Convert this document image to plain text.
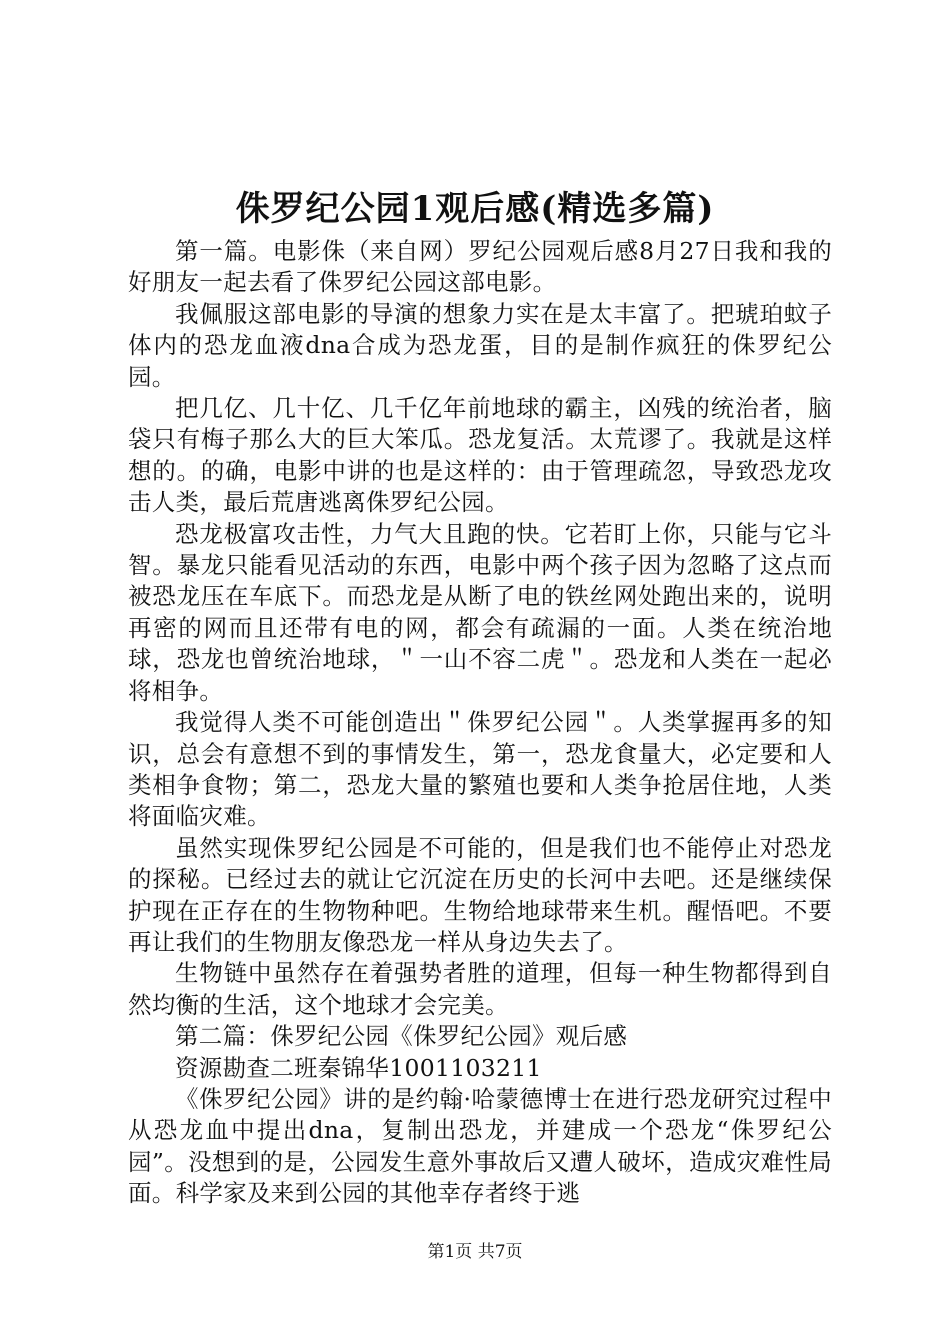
侏罗纪公园1观后感(精选多篇)

第一篇。电影侏（来自网）罗纪公园观后感8月27日我和我的好朋友一起去看了侏罗纪公园这部电影。

我佩服这部电影的导演的想象力实在是太丰富了。把琥珀蚊子体内的恐龙血液dna合成为恐龙蛋，目的是制作疯狂的侏罗纪公园。

把几亿、几十亿、几千亿年前地球的霸主，凶残的统治者，脑袋只有梅子那么大的巨大笨瓜。恐龙复活。太荒谬了。我就是这样想的。的确，电影中讲的也是这样的：由于管理疏忽，导致恐龙攻击人类，最后荒唐逃离侏罗纪公园。

恐龙极富攻击性，力气大且跑的快。它若盯上你，只能与它斗智。暴龙只能看见活动的东西，电影中两个孩子因为忽略了这点而被恐龙压在车底下。而恐龙是从断了电的铁丝网处跑出来的，说明再密的网而且还带有电的网，都会有疏漏的一面。人类在统治地球，恐龙也曾统治地球，＂一山不容二虎＂。恐龙和人类在一起必将相争。

我觉得人类不可能创造出＂侏罗纪公园＂。人类掌握再多的知识，总会有意想不到的事情发生，第一，恐龙食量大，必定要和人类相争食物；第二，恐龙大量的繁殖也要和人类争抢居住地，人类将面临灾难。

虽然实现侏罗纪公园是不可能的，但是我们也不能停止对恐龙的探秘。已经过去的就让它沉淀在历史的长河中去吧。还是继续保护现在正存在的生物物种吧。生物给地球带来生机。醒悟吧。不要再让我们的生物朋友像恐龙一样从身边失去了。

生物链中虽然存在着强势者胜的道理，但每一种生物都得到自然均衡的生活，这个地球才会完美。

第二篇：侏罗纪公园《侏罗纪公园》观后感

资源勘查二班秦锦华1001103211

《侏罗纪公园》讲的是约翰·哈蒙德博士在进行恐龙研究过程中从恐龙血中提出dna，复制出恐龙，并建成一个恐龙“侏罗纪公园”。没想到的是，公园发生意外事故后又遭人破坏，造成灾难性局面。科学家及来到公园的其他幸存者终于逃

第1页 共7页
